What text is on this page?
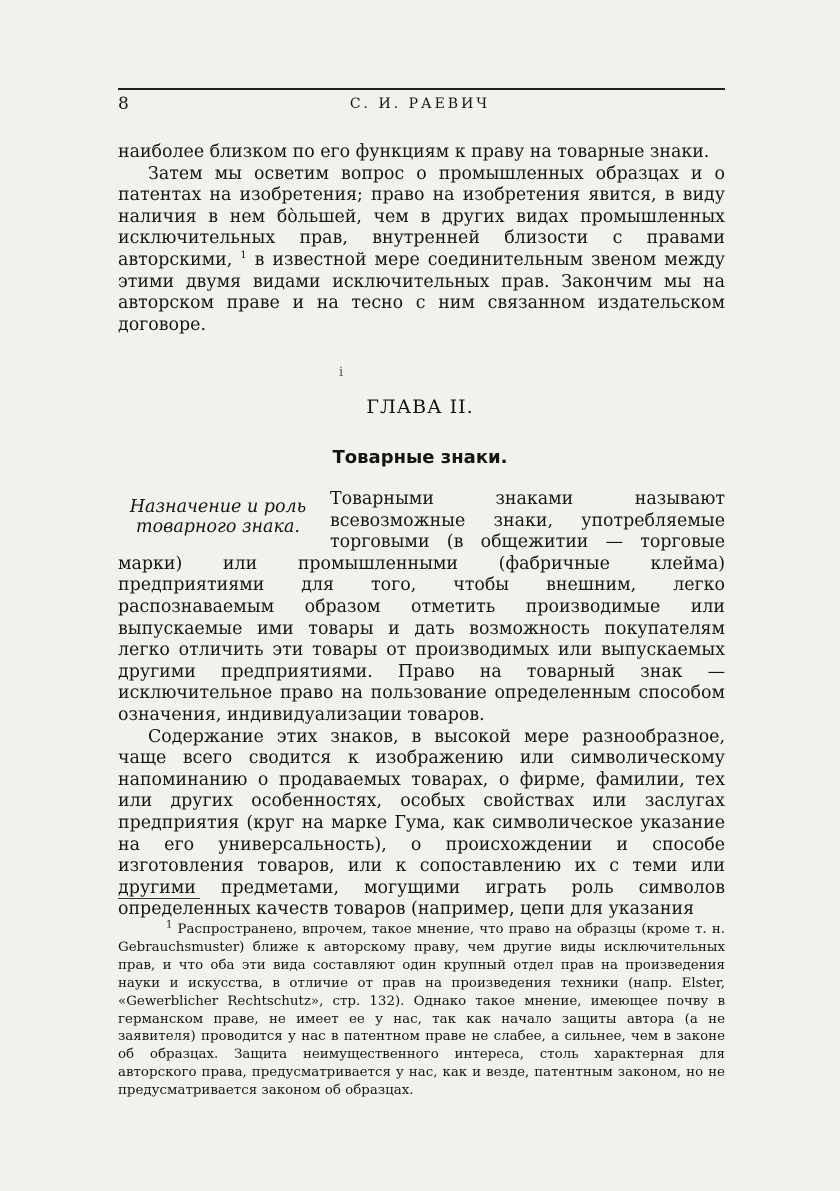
8	С. И. РАЕВИЧ

наиболее близком по его функциям к праву на товарные знаки.

Затем мы осветим вопрос о промышленных образцах и о патентах на изобретения; право на изобретения явится, в виду наличия в нем бо̀льшей, чем в других видах промышленных исключительных прав, внутренней близости с правами авторскими, $^1$ в известной мере соединительным звеном между этими двумя видами исключительных прав. Закончим мы на авторском праве и на тесно с ним связанном издательском договоре.

i
ГЛАВА II.
Товарные знаки.
Назначение и роль товарного знака.

Товарными знаками называют всевозможные знаки, употребляемые торговыми (в общежитии — торговые марки) или промышленными (фабричные клейма) предприятиями для того, чтобы внешним, легко распознаваемым образом отметить производимые или выпускаемые ими товары и дать возможность покупателям легко отличить эти товары от производимых или выпускаемых другими предприятиями. Право на товарный знак — исключительное право на пользование определенным способом означения, индивидуализации товаров.

Содержание этих знаков, в высокой мере разнообразное, чаще всего сводится к изображению или символическому напоминанию о продаваемых товарах, о фирме, фамилии, тех или других особенностях, особых свойствах или заслугах предприятия (круг на марке Гума, как символическое указание на его универсальность), о происхождении и способе изготовления товаров, или к сопоставлению их с теми или другими предметами, могущими играть роль символов определенных качеств товаров (например, цепи для указания

$^1$ Распространено, впрочем, такое мнение, что право на образцы (кроме т. н. Gebrauchsmuster) ближе к авторскому праву, чем другие виды исключительных прав, и что оба эти вида составляют один крупный отдел прав на произведения науки и искусства, в отличие от прав на произведения техники (напр. Elster, «Gewerblicher Rechtschutz», стр. 132). Однако такое мнение, имеющее почву в германском праве, не имеет ее у нас, так как начало защиты автора (а не заявителя) проводится у нас в патентном праве не слабее, а сильнее, чем в законе об образцах. Защита неимущественного интереса, столь характерная для авторского права, предусматривается у нас, как и везде, патентным законом, но не предусматривается законом об образцах.
